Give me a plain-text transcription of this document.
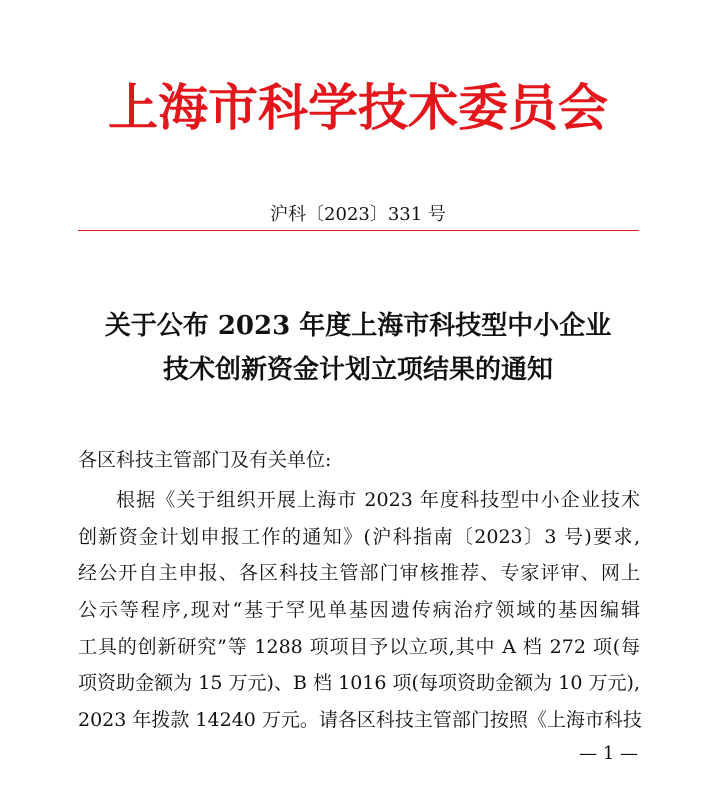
上海市科学技术委员会
沪科〔2023〕331 号
关于公布 2023 年度上海市科技型中小企业
技术创新资金计划立项结果的通知
各区科技主管部门及有关单位:
根据《关于组织开展上海市 2023 年度科技型中小企业技术
创新资金计划申报工作的通知》(沪科指南〔2023〕3 号)要求,
经公开自主申报、各区科技主管部门审核推荐、专家评审、网上
公示等程序,现对“基于罕见单基因遗传病治疗领域的基因编辑
工具的创新研究”等 1288 项项目予以立项,其中 A 档 272 项(每
项资助金额为 15 万元)、B 档 1016 项(每项资助金额为 10 万元),
2023 年拨款 14240 万元。请各区科技主管部门按照《上海市科技
— 1 —
